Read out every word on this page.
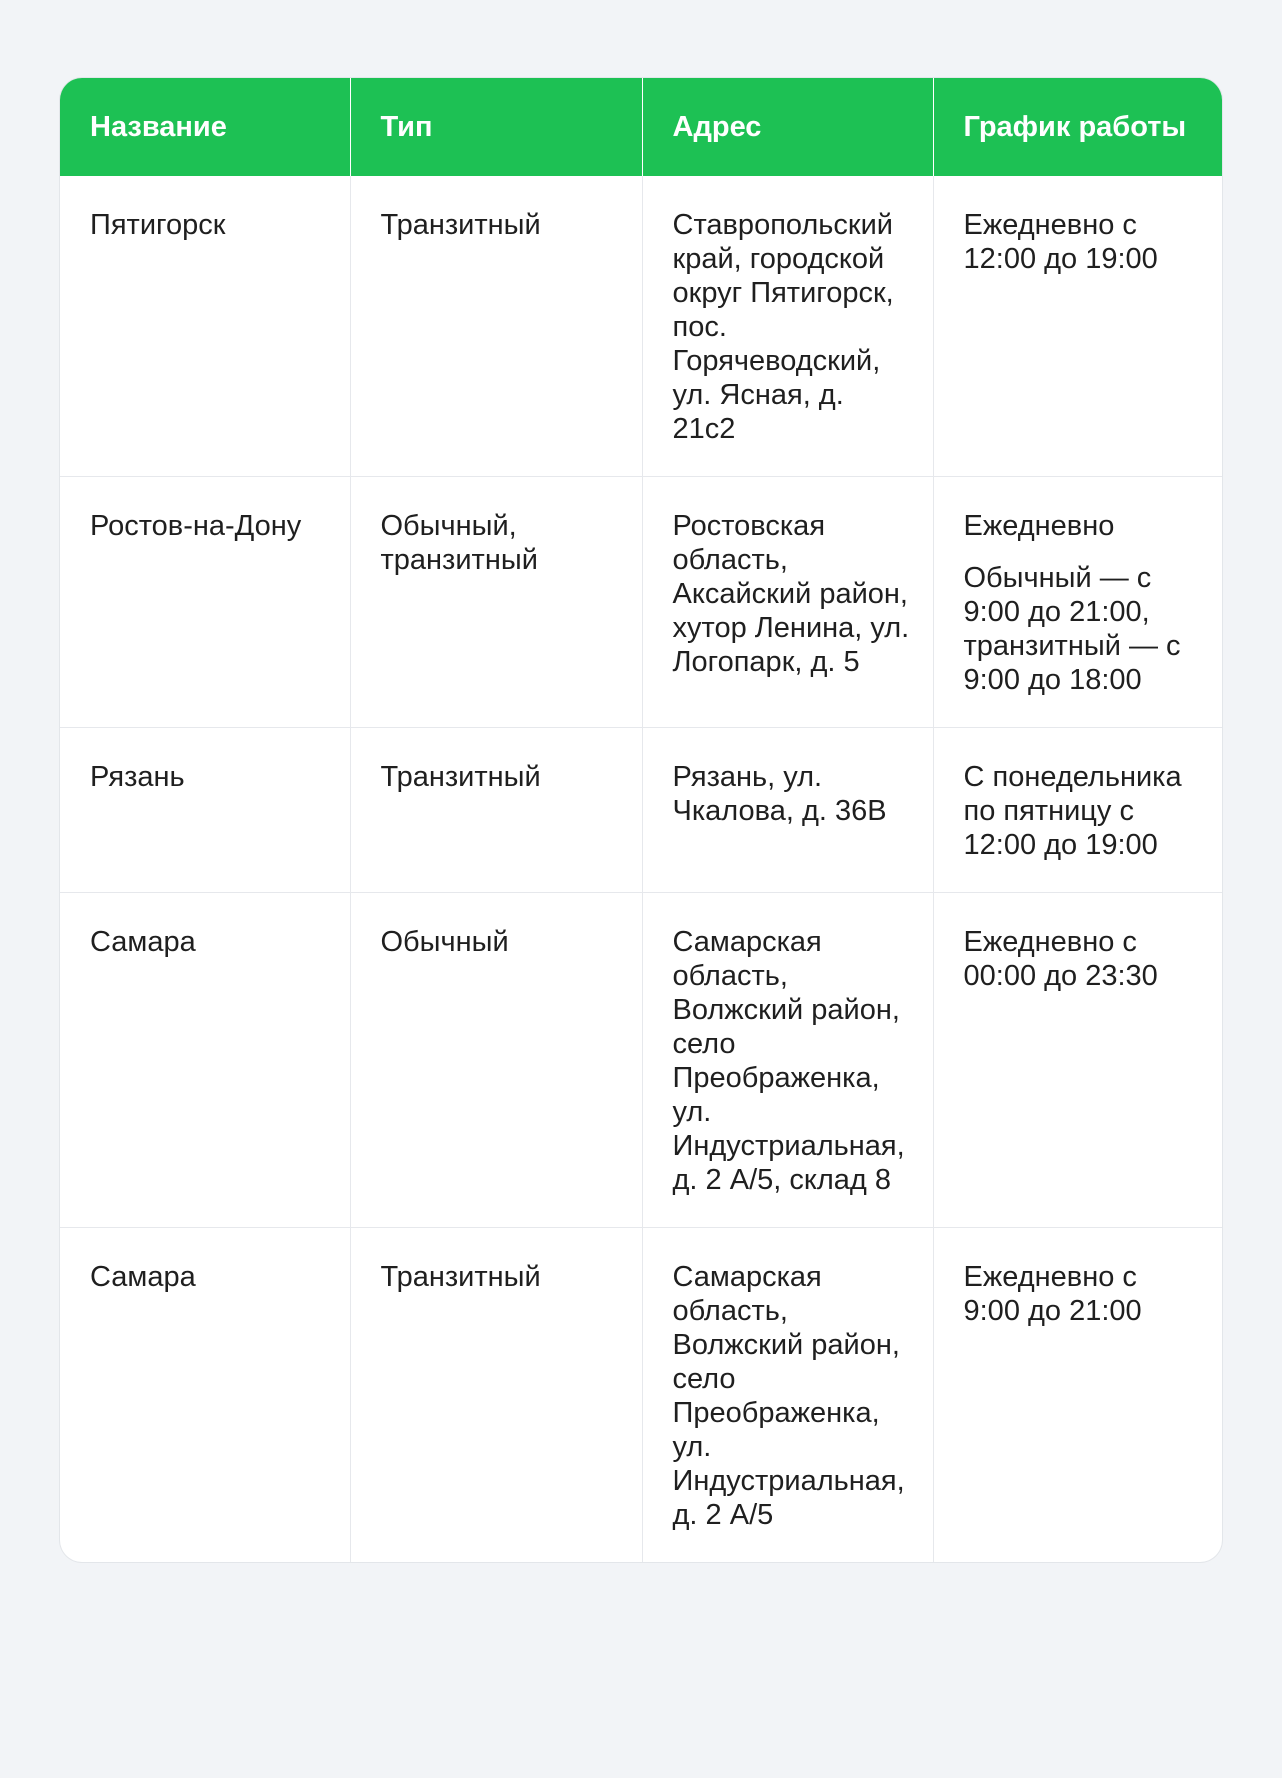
Название	Тип	Адрес	График работы
Пятигорск	Транзитный	Ставропольский край, городской округ Пятигорск, пос. Горячеводский, ул. Ясная, д. 21с2	Ежедневно с 12:00 до 19:00

Ростов-на-Дону	Обычный, транзитный	Ростовская область, Аксайский район, хутор Ленина, ул. Логопарк, д. 5	Ежедневно
Обычный — с 9:00 до 21:00, транзитный — с 9:00 до 18:00

Рязань	Транзитный	Рязань, ул. Чкалова, д. 36В	С понедельника по пятницу с 12:00 до 19:00

Самара	Обычный	Самарская область, Волжский район, село Преображенка, ул. Индустриальная, д. 2 А/5, склад 8	Ежедневно с 00:00 до 23:30

Самара	Транзитный	Самарская область, Волжский район, село Преображенка, ул. Индустриальная, д. 2 А/5	Ежедневно с 9:00 до 21:00
